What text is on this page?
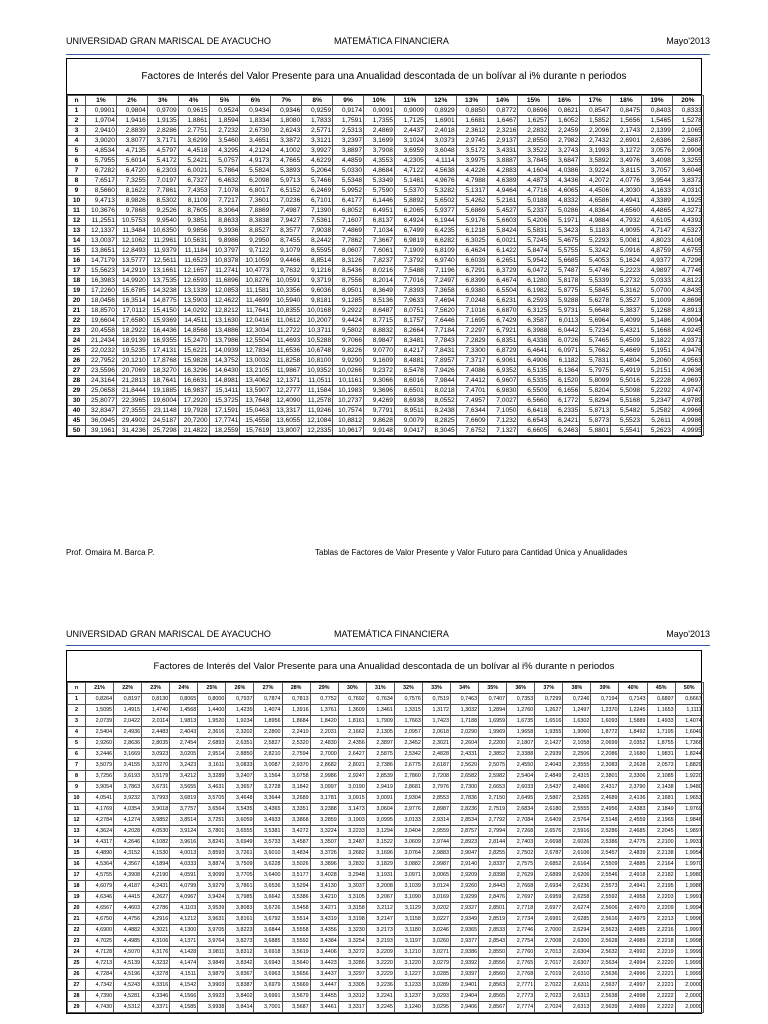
UNIVERSIDAD GRAN MARISCAL DE AYACUCHO	MATEMÁTICA FINANCIERA	Mayo'2013
Factores de Interés del Valor Presente para una Anualidad descontada de un bolívar al i% durante n periodos
n	1%	2%	3%	4%	5%	6%	7%	8%	9%	10%	11%	12%	13%	14%	15%	16%	17%	18%	19%	20%
1	0,9901	0,9804	0,9709	0,9615	0,9524	0,9434	0,9346	0,9259	0,9174	0,9091	0,9009	0,8929	0,8850	0,8772	0,8696	0,8621	0,8547	0,8475	0,8403	0,8333
2	1,9704	1,9416	1,9135	1,8861	1,8594	1,8334	1,8080	1,7833	1,7591	1,7355	1,7125	1,6901	1,6681	1,6467	1,6257	1,6052	1,5852	1,5656	1,5465	1,5278
3	2,9410	2,8839	2,8286	2,7751	2,7232	2,6730	2,6243	2,5771	2,5313	2,4869	2,4437	2,4018	2,3612	2,3216	2,2832	2,2459	2,2096	2,1743	2,1399	2,1065
4	3,9020	3,8077	3,7171	3,6299	3,5460	3,4651	3,3872	3,3121	3,2397	3,1699	3,1024	3,0373	2,9745	2,9137	2,8550	2,7982	2,7432	2,6901	2,6386	2,5887
5	4,8534	4,7135	4,5797	4,4518	4,3295	4,2124	4,1002	3,9927	3,8897	3,7908	3,6959	3,6048	3,5172	3,4331	3,3522	3,2743	3,1993	3,1272	3,0576	2,9906
6	5,7955	5,6014	5,4172	5,2421	5,0757	4,9173	4,7665	4,6229	4,4859	4,3553	4,2305	4,1114	3,9975	3,8887	3,7845	3,6847	3,5892	3,4976	3,4098	3,3255
7	6,7282	6,4720	6,2303	6,0021	5,7864	5,5824	5,3893	5,2064	5,0330	4,8684	4,7122	4,5638	4,4226	4,2883	4,1604	4,0386	3,9224	3,8115	3,7057	3,6046
8	7,6517	7,3255	7,0197	6,7327	6,4632	6,2098	5,9713	5,7466	5,5348	5,3349	5,1461	4,9676	4,7988	4,6389	4,4873	4,3436	4,2072	4,0776	3,9544	3,8372
9	8,5660	8,1622	7,7861	7,4353	7,1078	6,8017	6,5152	6,2469	5,9952	5,7590	5,5370	5,3282	5,1317	4,9464	4,7716	4,6065	4,4506	4,3030	4,1633	4,0310
10	9,4713	8,9826	8,5302	8,1109	7,7217	7,3601	7,0236	6,7101	6,4177	6,1446	5,8892	5,6502	5,4262	5,2161	5,0188	4,8332	4,6586	4,4941	4,3389	4,1925
11	10,3676	9,7868	9,2526	8,7605	8,3064	7,8869	7,4987	7,1390	6,8052	6,4951	6,2065	5,9377	5,6869	5,4527	5,2337	5,0286	4,8364	4,6560	4,4865	4,3271
12	11,2551	10,5753	9,9540	9,3851	8,8633	8,3838	7,9427	7,5361	7,1607	6,8137	6,4924	6,1944	5,9176	5,6603	5,4206	5,1971	4,9884	4,7932	4,6105	4,4392
13	12,1337	11,3484	10,6350	9,9856	9,3936	8,8527	8,3577	7,9038	7,4869	7,1034	6,7499	6,4235	6,1218	5,8424	5,5831	5,3423	5,1183	4,9095	4,7147	4,5327
14	13,0037	12,1062	11,2961	10,5631	9,8986	9,2950	8,7455	8,2442	7,7862	7,3667	6,9819	6,6282	6,3025	6,0021	5,7245	5,4675	5,2293	5,0081	4,8023	4,6106
15	13,8651	12,8493	11,9379	11,1184	10,3797	9,7122	9,1079	8,5595	8,0607	7,6061	7,1909	6,8109	6,4624	6,1422	5,8474	5,5755	5,3242	5,0916	4,8759	4,6755
16	14,7179	13,5777	12,5611	11,6523	10,8378	10,1059	9,4466	8,8514	8,3126	7,8237	7,3792	6,9740	6,6039	6,2651	5,9542	5,6685	5,4053	5,1624	4,9377	4,7296
17	15,5623	14,2919	13,1661	12,1657	11,2741	10,4773	9,7632	9,1216	8,5436	8,0216	7,5488	7,1196	6,7291	6,3729	6,0472	5,7487	5,4746	5,2223	4,9897	4,7746
18	16,3983	14,9920	13,7535	12,6593	11,6896	10,8276	10,0591	9,3719	8,7556	8,2014	7,7016	7,2497	6,8399	6,4674	6,1280	5,8178	5,5339	5,2732	5,0333	4,8122
19	17,2260	15,6785	14,3238	13,1339	12,0853	11,1581	10,3356	9,6036	8,9501	8,3649	7,8393	7,3658	6,9380	6,5504	6,1982	5,8775	5,5845	5,3162	5,0700	4,8435
20	18,0456	16,3514	14,8775	13,5903	12,4622	11,4699	10,5940	9,8181	9,1285	8,5136	7,9633	7,4694	7,0248	6,6231	6,2593	5,9288	5,6278	5,3527	5,1009	4,8696
21	18,8570	17,0112	15,4150	14,0292	12,8212	11,7641	10,8355	10,0168	9,2922	8,6487	8,0751	7,5620	7,1016	6,6870	6,3125	5,9731	5,6648	5,3837	5,1268	4,8913
22	19,6604	17,6580	15,9369	14,4511	13,1630	12,0416	11,0612	10,2007	9,4424	8,7715	8,1757	7,6446	7,1695	6,7429	6,3587	6,0113	5,6964	5,4099	5,1486	4,9094
23	20,4558	18,2922	16,4436	14,8568	13,4886	12,3034	11,2722	10,3711	9,5802	8,8832	8,2664	7,7184	7,2297	6,7921	6,3988	6,0442	5,7234	5,4321	5,1668	4,9245
24	21,2434	18,9139	16,9355	15,2470	13,7986	12,5504	11,4693	10,5288	9,7066	8,9847	8,3481	7,7843	7,2829	6,8351	6,4338	6,0726	5,7465	5,4509	5,1822	4,9371
25	22,0232	19,5235	17,4131	15,6221	14,0939	12,7834	11,6536	10,6748	9,8226	9,0770	8,4217	7,8431	7,3300	6,8729	6,4641	6,0971	5,7662	5,4669	5,1951	4,9476
26	22,7952	20,1210	17,8768	15,9828	14,3752	13,0032	11,8258	10,8100	9,9290	9,1609	8,4881	7,8957	7,3717	6,9061	6,4906	6,1182	5,7831	5,4804	5,2060	4,9563
27	23,5596	20,7069	18,3270	16,3296	14,6430	13,2105	11,9867	10,9352	10,0266	9,2372	8,5478	7,9426	7,4086	6,9352	6,5135	6,1364	5,7975	5,4919	5,2151	4,9636
28	24,3164	21,2813	18,7641	16,6631	14,8981	13,4062	12,1371	11,0511	10,1161	9,3066	8,6016	7,9844	7,4412	6,9607	6,5335	6,1520	5,8099	5,5016	5,2228	4,9697
29	25,0658	21,8444	19,1885	16,9837	15,1411	13,5907	12,2777	11,1584	10,1983	9,3696	8,6501	8,0218	7,4701	6,9830	6,5509	6,1656	5,8204	5,5098	5,2292	4,9747
30	25,8077	22,3965	19,6004	17,2920	15,3725	13,7648	12,4090	11,2578	10,2737	9,4269	8,6938	8,0552	7,4957	7,0027	6,5660	6,1772	5,8294	5,5168	5,2347	4,9789
40	32,8347	27,3555	23,1148	19,7928	17,1591	15,0463	13,3317	11,9246	10,7574	9,7791	8,9511	8,2438	7,6344	7,1050	6,6418	6,2335	5,8713	5,5482	5,2582	4,9966
45	36,0945	29,4902	24,5187	20,7200	17,7741	15,4558	13,6055	12,1084	10,8812	9,8628	9,0079	8,2825	7,6609	7,1232	6,6543	6,2421	5,8773	5,5523	5,2611	4,9986
50	39,1961	31,4236	25,7298	21,4822	18,2559	15,7619	13,8007	12,2335	10,9617	9,9148	9,0417	8,3045	7,6752	7,1327	6,6605	6,2463	5,8801	5,5541	5,2623	4,9995
Prof. Omaira M. Barca P.	Tablas de Factores de Valor Presente y Valor Futuro para Cantidad Única y Anualidades
UNIVERSIDAD GRAN MARISCAL DE AYACUCHO	MATEMÁTICA FINANCIERA	Mayo'2013
Factores de Interés del Valor Presente para una Anualidad descontada de un bolívar al i% durante n periodos
n	21%	22%	23%	24%	25%	26%	27%	28%	29%	30%	31%	32%	33%	34%	35%	36%	37%	38%	39%	40%	45%	50%
1	0,8264	0,8197	0,8130	0,8065	0,8000	0,7937	0,7874	0,7813	0,7752	0,7692	0,7634	0,7576	0,7519	0,7463	0,7407	0,7353	0,7299	0,7246	0,7194	0,7143	0,6897	0,6667
2	1,5095	1,4915	1,4740	1,4568	1,4400	1,4235	1,4074	1,3916	1,3761	1,3609	1,3461	1,3315	1,3172	1,3032	1,2894	1,2760	1,2627	1,2497	1,2370	1,2245	1,1653	1,1111
3	2,0739	2,0422	2,0114	1,9813	1,9520	1,9234	1,8956	1,8684	1,8420	1,8161	1,7909	1,7663	1,7423	1,7188	1,6959	1,6735	1,6516	1,6302	1,6093	1,5889	1,4933	1,4074
4	2,5404	2,4936	2,4483	2,4043	2,3616	2,3202	2,2800	2,2410	2,2031	2,1662	2,1305	2,0957	2,0618	2,0290	1,9969	1,9658	1,9355	1,9060	1,8772	1,8492	1,7195	1,6049
5	2,9260	2,8636	2,8035	2,7454	2,6893	2,6351	2,5827	2,5320	2,4830	2,4356	2,3897	2,3452	2,3021	2,2604	2,2200	2,1807	2,1427	2,1058	2,0699	2,0352	1,8755	1,7366
6	3,2446	3,1669	3,0923	3,0205	2,9514	2,8850	2,8210	2,7594	2,7000	2,6427	2,5875	2,5342	2,4828	2,4331	2,3852	2,3388	2,2939	2,2506	2,2086	2,1680	1,9831	1,8244
7	3,5079	3,4155	3,3270	3,2423	3,1611	3,0833	3,0087	2,9370	2,8682	2,8021	2,7386	2,6775	2,6187	2,5620	2,5075	2,4550	2,4043	2,3555	2,3083	2,2628	2,0573	1,8829
8	3,7256	3,6193	3,5179	3,4212	3,3289	3,2407	3,1564	3,0758	2,9986	2,9247	2,8539	2,7860	2,7208	2,6582	2,5982	2,5404	2,4849	2,4315	2,3801	2,3306	2,1085	1,9220
9	3,9054	3,7863	3,6731	3,5655	3,4631	3,3657	3,2728	3,1842	3,0997	3,0190	2,9419	2,8681	2,7976	2,7300	2,6653	2,6033	2,5437	2,4866	2,4317	2,3790	2,1438	1,9480
10	4,0541	3,9232	3,7993	3,6819	3,5705	3,4648	3,3644	3,2689	3,1781	3,0915	3,0091	2,9304	2,8553	2,7836	2,7150	2,6495	2,5867	2,5265	2,4689	2,4136	2,1681	1,9653
11	4,1769	4,0354	3,9018	3,7757	3,6564	3,5435	3,4365	3,3351	3,2388	3,1473	3,0604	2,9776	2,8987	2,8236	2,7519	2,6834	2,6180	2,5555	2,4956	2,4383	2,1849	1,9769
12	4,2784	4,1274	3,9852	3,8514	3,7251	3,6059	3,4933	3,3868	3,2859	3,1903	3,0995	3,0133	2,9314	2,8534	2,7792	2,7084	2,6409	2,5764	2,5148	2,4559	2,1965	1,9846
13	4,3624	4,2028	4,0530	3,9124	3,7801	3,6555	3,5381	3,4272	3,3224	3,2233	3,1294	3,0404	2,9559	2,8757	2,7994	2,7268	2,6576	2,5916	2,5286	2,4685	2,2045	1,9897
14	4,4317	4,2646	4,1082	3,9616	3,8241	3,6949	3,5733	3,4587	3,3507	3,2487	3,1522	3,0609	2,9744	2,8923	2,8144	2,7403	2,6698	2,6026	2,5386	2,4775	2,2100	1,9931
15	4,4890	4,3152	4,1530	4,0013	3,8593	3,7261	3,6010	3,4834	3,3726	3,2682	3,1696	3,0764	2,9883	2,9047	2,8255	2,7502	2,6787	2,6106	2,5457	2,4839	2,2138	1,9954
16	4,5364	4,3567	4,1894	4,0333	3,8874	3,7509	3,6228	3,5026	3,3896	3,2832	3,1829	3,0882	2,9987	2,9140	2,8337	2,7575	2,6852	2,6164	2,5509	2,4885	2,2164	1,9970
17	4,5755	4,3908	4,2190	4,0591	3,9099	3,7705	3,6400	3,5177	3,4028	3,2948	3,1931	3,0971	3,0065	2,9209	2,8398	2,7629	2,6899	2,6206	2,5546	2,4918	2,2182	1,9980
18	4,6079	4,4187	4,2431	4,0799	3,9279	3,7861	3,6536	3,5294	3,4130	3,3037	3,2008	3,1039	3,0124	2,9260	2,8443	2,7668	2,6934	2,6236	2,5573	2,4941	2,2195	1,9986
19	4,6346	4,4415	4,2627	4,0967	3,9424	3,7985	3,6642	3,5386	3,4210	3,3105	3,2067	3,1090	3,0169	2,9299	2,8476	2,7697	2,6959	2,6258	2,5592	2,4958	2,2203	1,9991
20	4,6567	4,4603	4,2786	4,1103	3,9539	3,8083	3,6726	3,5458	3,4271	3,3158	3,2112	3,1129	3,0202	2,9327	2,8501	2,7718	2,6977	2,6274	2,5606	2,4970	2,2209	1,9994
21	4,6750	4,4756	4,2916	4,1212	3,9631	3,8161	3,6792	3,5514	3,4319	3,3198	3,2147	3,1158	3,0227	2,9349	2,8519	2,7734	2,6991	2,6285	2,5616	2,4979	2,2213	1,9996
22	4,6900	4,4882	4,3021	4,1300	3,9705	3,8223	3,6844	3,5558	3,4356	3,3230	3,2173	3,1180	3,0246	2,9365	2,8533	2,7746	2,7000	2,6294	2,5623	2,4985	2,2216	1,9997
23	4,7025	4,4985	4,3106	4,1371	3,9764	3,8273	3,6885	3,5592	3,4384	3,3254	3,2193	3,1197	3,0260	2,9377	2,8543	2,7754	2,7008	2,6300	2,5628	2,4989	2,2218	1,9998
24	4,7128	4,5070	4,3176	4,1428	3,9811	3,8312	3,6918	3,5619	3,4406	3,3272	3,2209	3,1210	3,0271	2,9386	2,8550	2,7760	2,7013	2,6304	2,5632	2,4992	2,2219	1,9999
25	4,7213	4,5139	4,3232	4,1474	3,9849	3,8342	3,6943	3,5640	3,4423	3,3286	3,2220	3,1220	3,0279	2,9392	2,8556	2,7765	2,7017	2,6307	2,5634	2,4994	2,2220	1,9999
26	4,7284	4,5196	4,3278	4,1511	3,9879	3,8367	3,6963	3,5656	3,4437	3,3297	3,2229	3,1227	3,0285	2,9397	2,8560	2,7768	2,7019	2,6310	2,5636	2,4996	2,2221	1,9999
27	4,7342	4,5243	4,3316	4,1542	3,9903	3,8387	3,6979	3,5669	3,4447	3,3305	3,2236	3,1233	3,0289	2,9401	2,8563	2,7771	2,7022	2,6311	2,5637	2,4997	2,2221	2,0000
28	4,7390	4,5281	4,3346	4,1566	3,9923	3,8402	3,6991	3,5679	3,4455	3,3312	3,2241	3,1237	3,0293	2,9404	2,8565	2,7773	2,7023	2,6313	2,5638	2,4998	2,2222	2,0000
29	4,7430	4,5312	4,3371	4,1585	3,9938	3,8414	3,7001	3,5687	3,4461	3,3317	3,2245	3,1240	3,0295	2,9406	2,8567	2,7774	2,7024	2,6313	2,5639	2,4999	2,2222	2,0000
